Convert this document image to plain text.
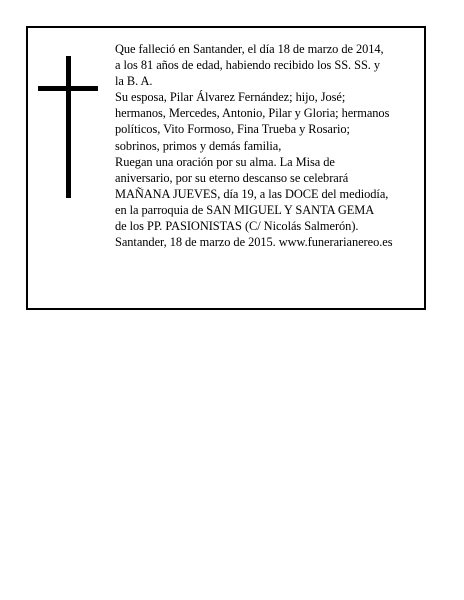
Que falleció en Santander, el día 18 de marzo de 2014,
a los 81 años de edad, habiendo recibido los SS. SS. y
la B. A.
Su esposa, Pilar Álvarez Fernández; hijo, José;
hermanos, Mercedes, Antonio, Pilar y Gloria; hermanos
políticos, Vito Formoso, Fina Trueba y Rosario;
sobrinos, primos y demás familia,
Ruegan una oración por su alma. La Misa de
aniversario, por su eterno descanso se celebrará
MAÑANA JUEVES, día 19, a las DOCE del mediodía,
en la parroquia de SAN MIGUEL Y SANTA GEMA
de los PP. PASIONISTAS (C/ Nicolás Salmerón).
Santander, 18 de marzo de 2015. www.funerarianereo.es
